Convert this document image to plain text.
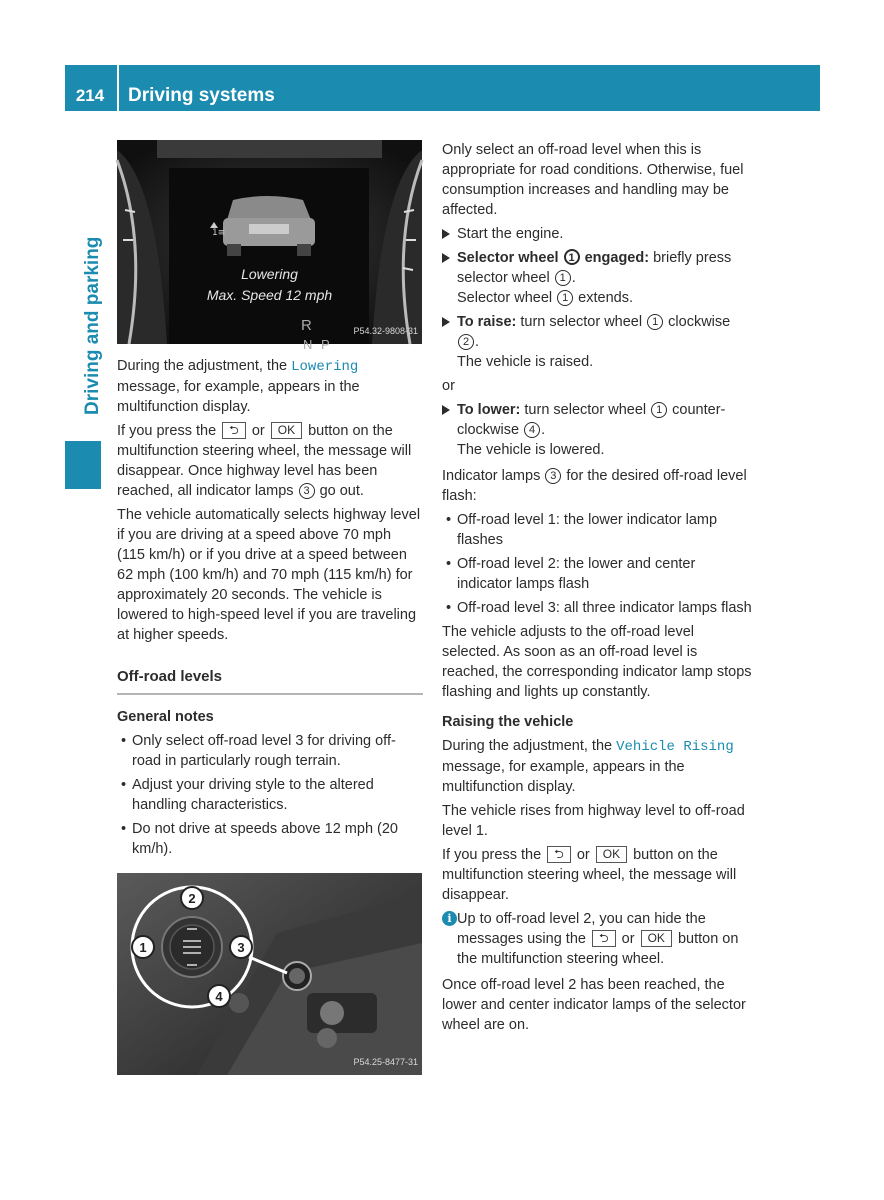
214	Driving systems
Driving and parking
1≡
Lowering
Max. Speed 12 mph
R
N P
P54.32-9808-31

During the adjustment, the Lowering message, for example, appears in the multifunction display.

If you press the ⮌ or OK button on the multifunction steering wheel, the message will disappear. Once highway level has been reached, all indicator lamps 3 go out.

The vehicle automatically selects highway level if you are driving at a speed above 70 mph (115 km/h) or if you drive at a speed between 62 mph (100 km/h) and 70 mph (115 km/h) for approximately 20 seconds. The vehicle is lowered to high-speed level if you are traveling at higher speeds.

Off-road levels
General notes
• Only select off-road level 3 for driving off-road in particularly rough terrain.
• Adjust your driving style to the altered handling characteristics.
• Do not drive at speeds above 12 mph (20 km/h).
2
1	3
4
P54.25-8477-31

Only select an off-road level when this is appropriate for road conditions. Otherwise, fuel consumption increases and handling may be affected.

Start the engine.
Selector wheel 1 engaged: briefly press selector wheel 1 .
Selector wheel 1 extends.
To raise: turn selector wheel 1 clockwise 2 .
The vehicle is raised.

or

To lower: turn selector wheel 1 counter-clockwise 4 .
The vehicle is lowered.

Indicator lamps 3 for the desired off-road level flash:

• Off-road level 1: the lower indicator lamp flashes
• Off-road level 2: the lower and center indicator lamps flash
• Off-road level 3: all three indicator lamps flash

The vehicle adjusts to the off-road level selected. As soon as an off-road level is reached, the corresponding indicator lamp stops flashing and lights up constantly.

Raising the vehicle

During the adjustment, the Vehicle Rising message, for example, appears in the multifunction display.

The vehicle rises from highway level to off-road level 1.

If you press the ⮌ or OK button on the multifunction steering wheel, the message will disappear.

i Up to off-road level 2, you can hide the messages using the ⮌ or OK button on the multifunction steering wheel.

Once off-road level 2 has been reached, the lower and center indicator lamps of the selector wheel are on.
